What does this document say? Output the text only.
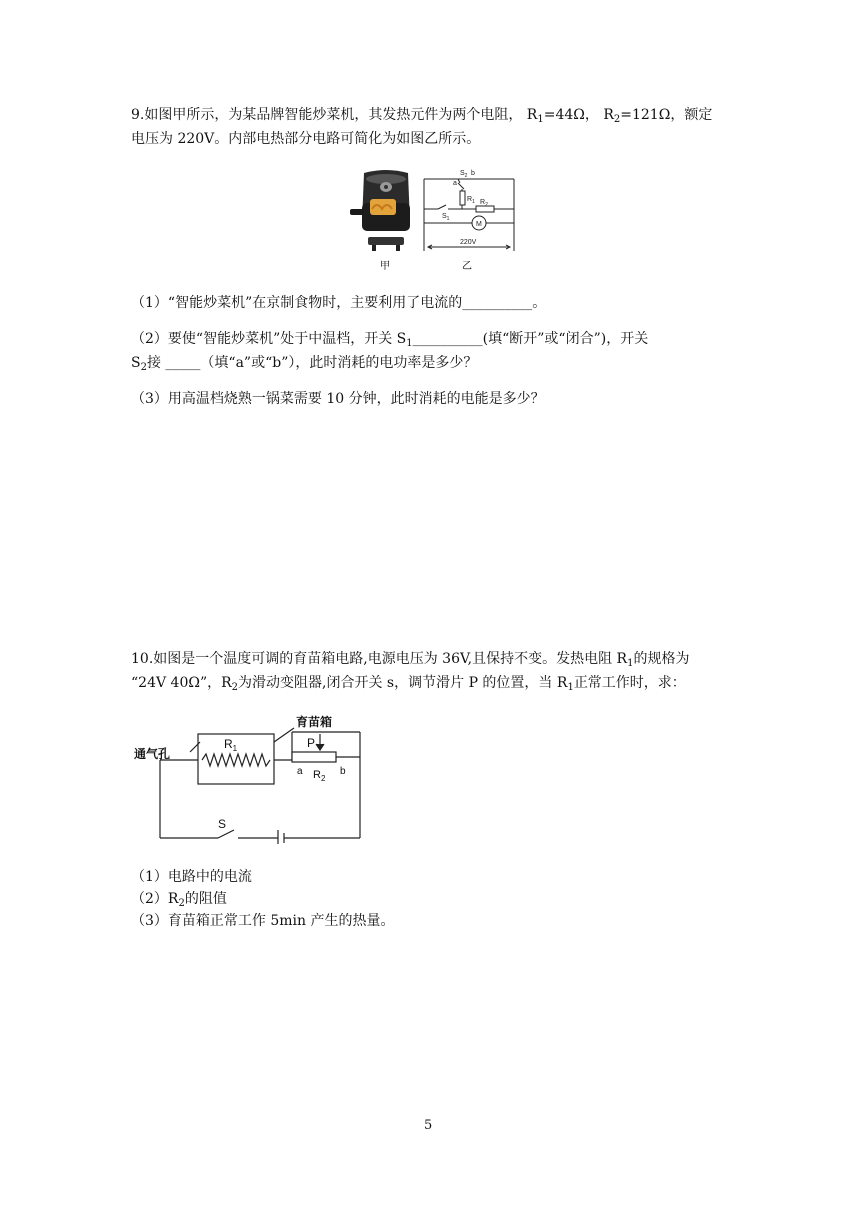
9.如图甲所示，为某品牌智能炒菜机，其发热元件为两个电阻， $R_1=44\Omega$， $R_2=121\Omega$，额定
电压为 220V。内部电热部分电路可简化为如图乙所示。
甲
$S_2$ b
a
$R_1$ $R_2$
$S_1$
M
220V
乙
（1）“智能炒菜机”在京制食物时，主要利用了电流的__________。
（2）要使“智能炒菜机”处于中温档，开关 $S_1\_\_\_\_\_\_\_\_\_\_$(填“断开”或“闭合”)，开关
$S_2$接 _____（填“a”或“b”），此时消耗的电功率是多少？
（3）用高温档烧熟一锅菜需要 10 分钟，此时消耗的电能是多少？
10.如图是一个温度可调的育苗箱电路,电源电压为 36V,且保持不变。发热电阻 $R_1$的规格为
“24V 40Ω”，$R_2$为滑动变阻器,闭合开关 s，调节滑片 P 的位置，当 $R_1$正常工作时，求：
育苗箱
通气孔
$R_1$	P
a	b
$R_2$
S
（1）电路中的电流
$(2)R_2$的阻值
（3）育苗箱正常工作 5min 产生的热量。
5
